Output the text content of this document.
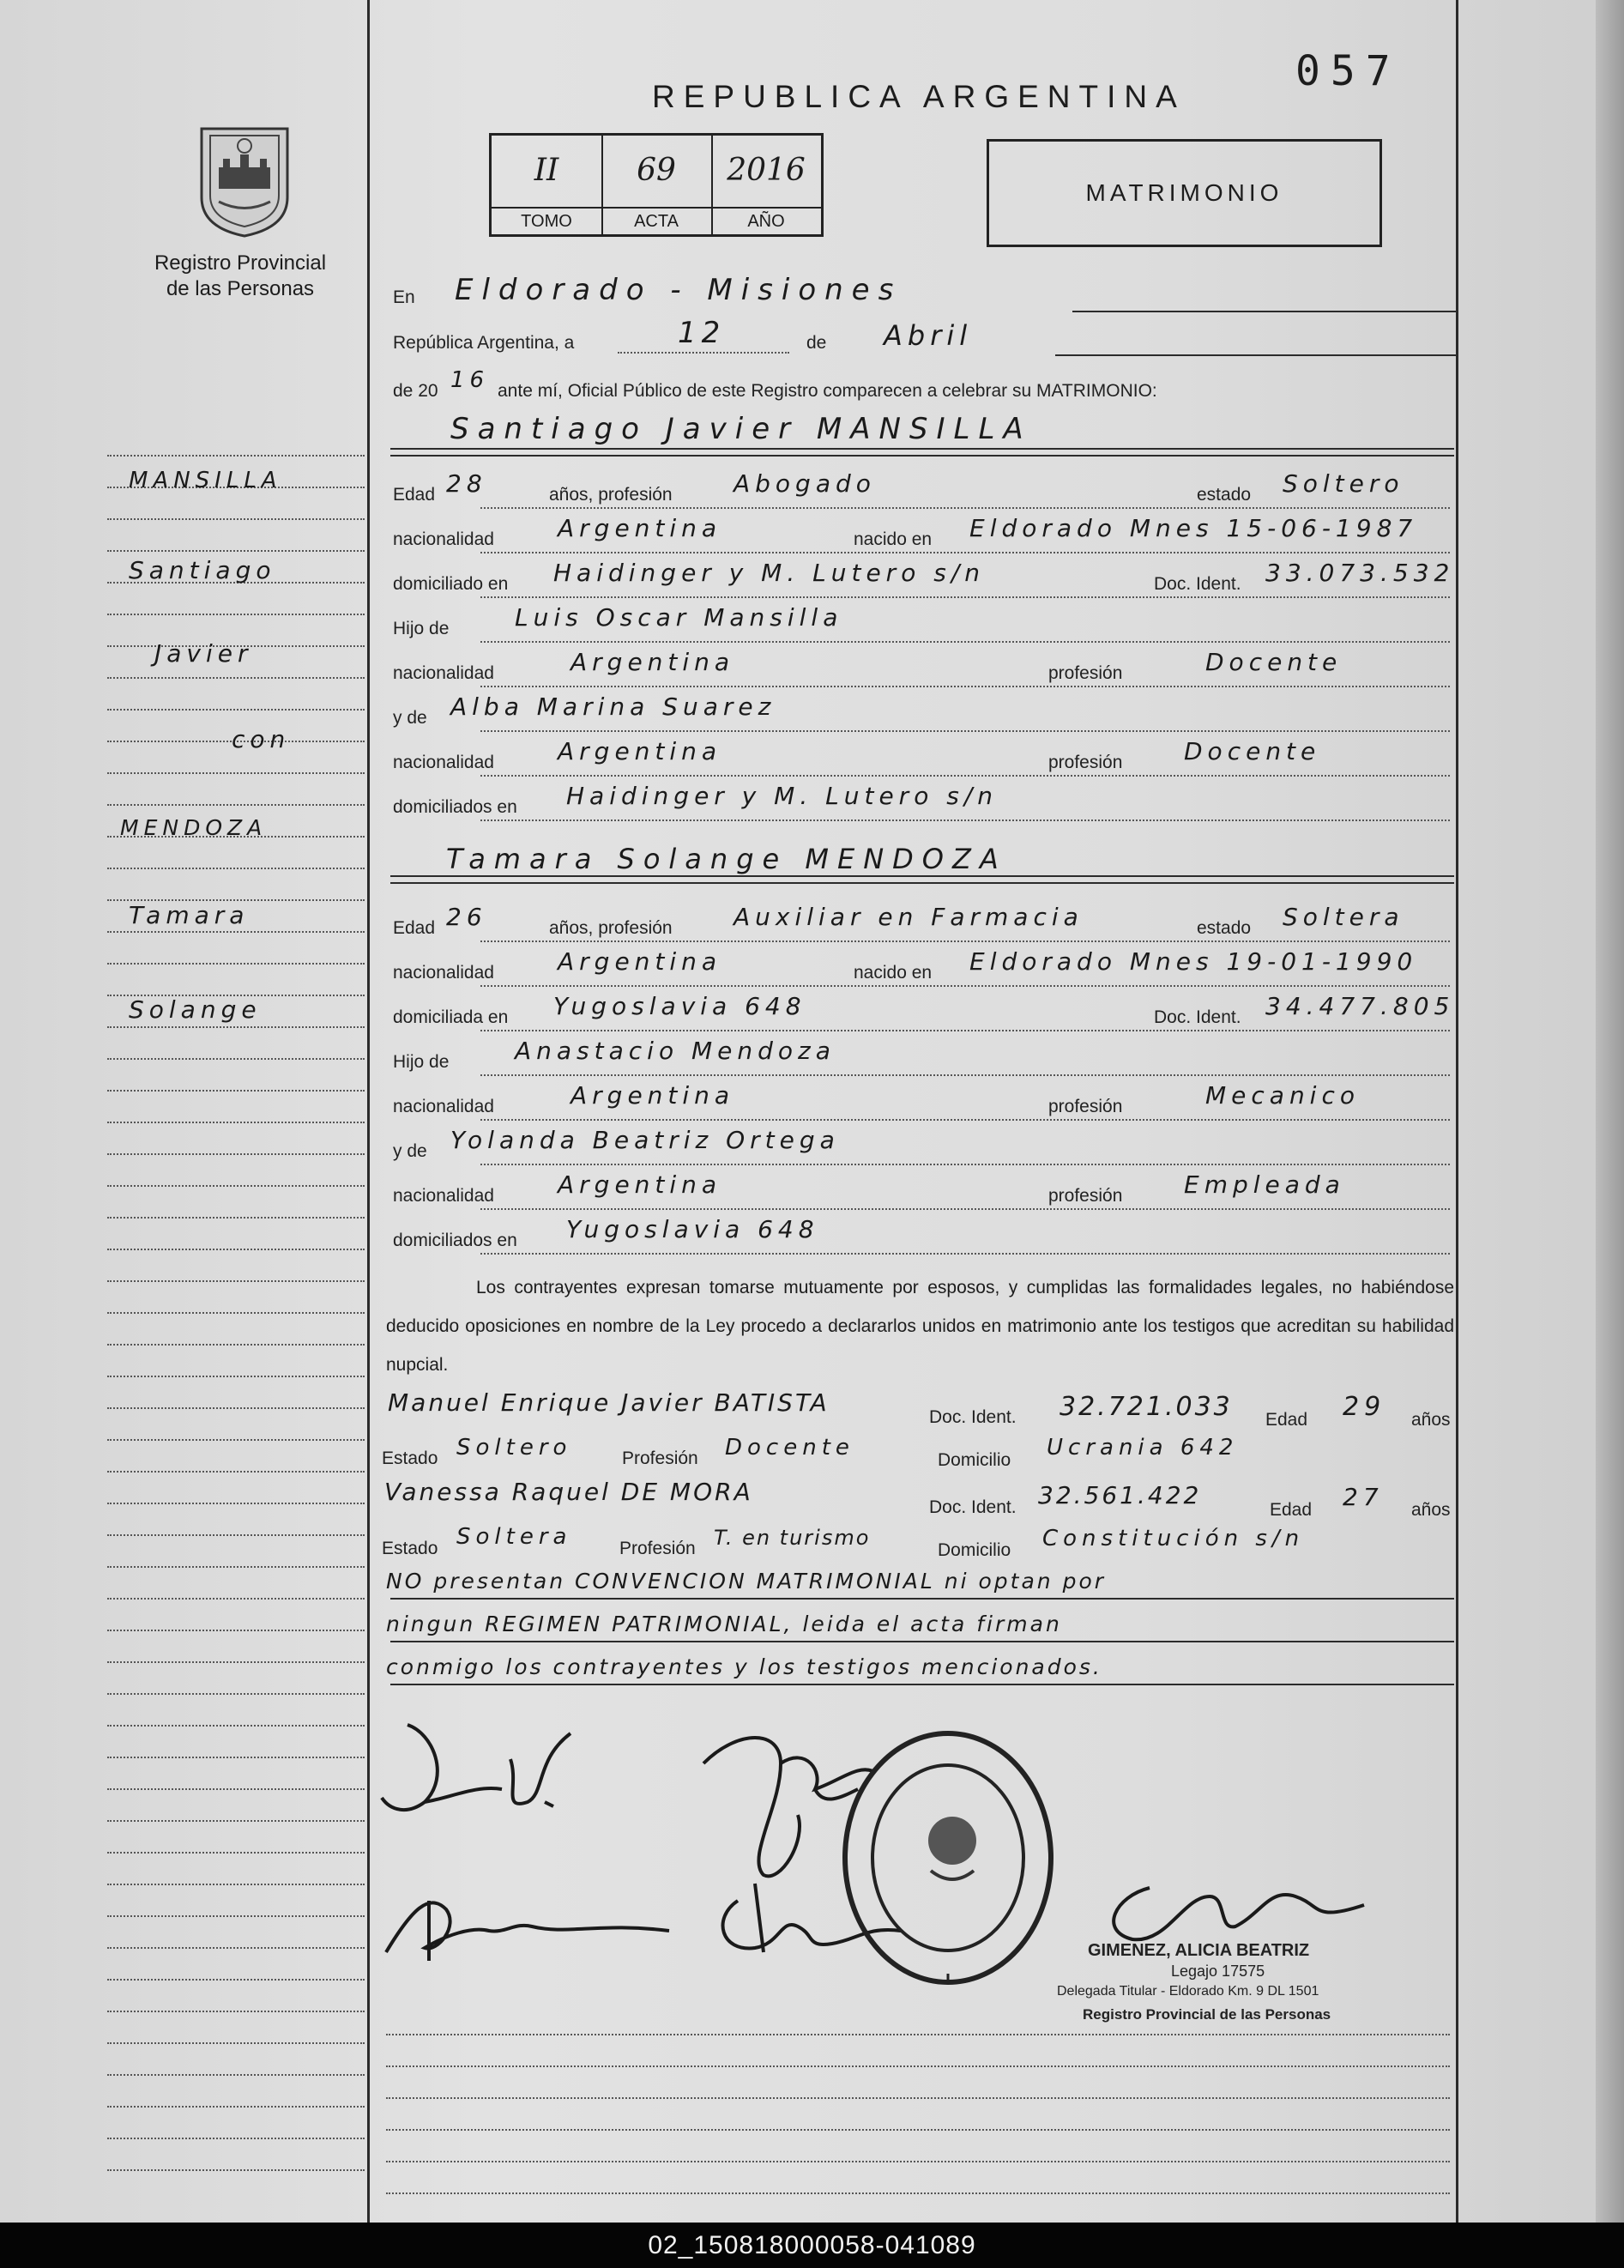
Registro Provincial
de las Personas
MANSILLA
Santiago
Javier
con
MENDOZA
Tamara
Solange
REPUBLICA ARGENTINA
057
II
TOMO
69
ACTA
2016
AÑO
MATRIMONIO
En Eldorado - Misiones
República Argentina, a	12	de Abril
de 20 16 ante mí, Oficial Público de este Registro comparecen a celebrar su MATRIMONIO:
Santiago Javier MANSILLA
Edad 28	años, profesión	Abogado	estado Soltero
nacionalidad	Argentina	nacido en Eldorado Mnes 15-06-1987
domiciliado en Haidinger y M. Lutero s/n	Doc. Ident. 33.073.532
Hijo de	Luis Oscar Mansilla
nacionalidad	Argentina	profesión	Docente
y de Alba Marina Suarez
nacionalidad	Argentina	profesión	Docente
domiciliados en Haidinger y M. Lutero s/n
Tamara Solange MENDOZA
Edad 26	años, profesión	Auxiliar en Farmacia	estado Soltera
nacionalidad	Argentina	nacido en Eldorado Mnes 19-01-1990
domiciliada en Yugoslavia 648	Doc. Ident. 34.477.805
Hijo de	Anastacio Mendoza
nacionalidad	Argentina	profesión	Mecanico
y de Yolanda Beatriz Ortega
nacionalidad	Argentina	profesión	Empleada
domiciliados en Yugoslavia 648
Los contrayentes expresan tomarse mutuamente por esposos, y cumplidas las formalidades legales, no habiéndose deducido oposiciones en nombre de la Ley procedo a declararlos unidos en matrimonio ante los testigos que acreditan su habilidad nupcial.
Manuel Enrique Javier BATISTA
Doc. Ident. 32.721.033 Edad 29 años
Estado Soltero	Profesión Docente	Domicilio Ucrania 642
Vanessa Raquel DE MORA
Doc. Ident. 32.561.422
Edad 27 años
Estado Soltera	Profesión T. en turismo
Domicilio Constitución s/n
NO presentan CONVENCION MATRIMONIAL ni optan por
ningun REGIMEN PATRIMONIAL, leida el acta firman
conmigo los contrayentes y los testigos mencionados.
GIMENEZ, ALICIA BEATRIZ
Legajo 17575
Delegada Titular - Eldorado Km. 9 DL 1501
Registro Provincial de las Personas
02_150818000058-041089
